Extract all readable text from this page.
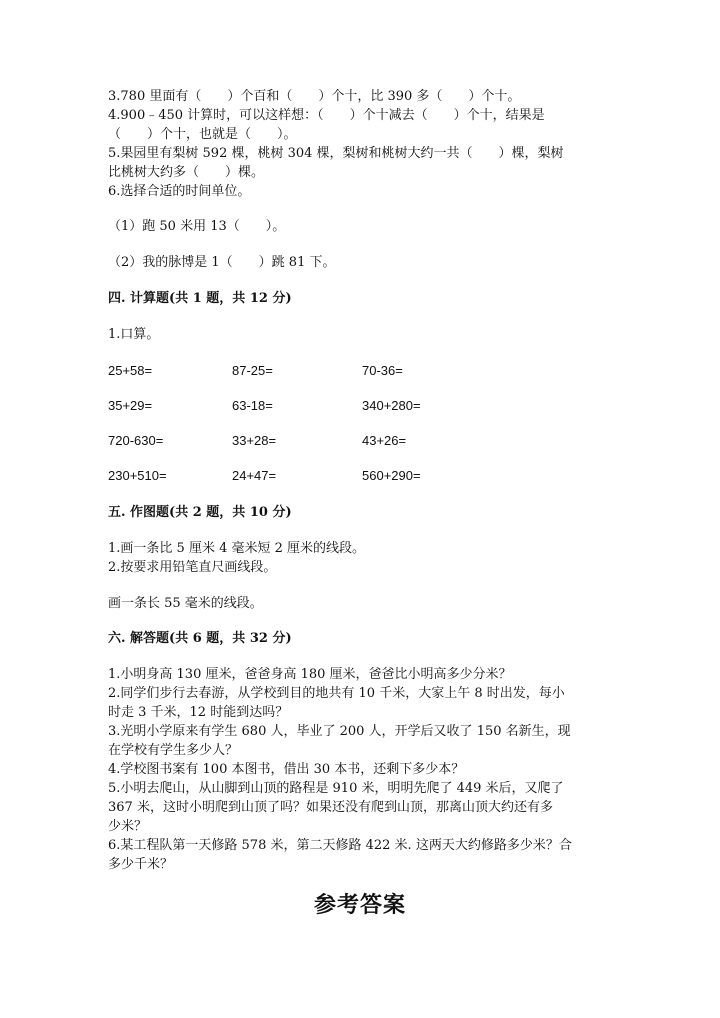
3.780 里面有（　　）个百和（　　）个十，比 390 多（　　）个十。
4.900﹣450 计算时，可以这样想：（　　）个十减去（　　）个十，结果是
（　　）个十，也就是（　　）。
5.果园里有梨树 592 棵，桃树 304 棵，梨树和桃树大约一共（　　）棵，梨树
比桃树大约多（　　）棵。
6.选择合适的时间单位。
（1）跑 50 米用 13（　　）。
（2）我的脉博是 1（　　）跳 81 下。
四. 计算题(共 1 题，共 12 分)
1.口算。
25+58=	87-25=	70-36=
35+29=	63-18=	340+280=
720-630=	33+28=	43+26=
230+510=	24+47=	560+290=
五. 作图题(共 2 题，共 10 分)
1.画一条比 5 厘米 4 毫米短 2 厘米的线段。
2.按要求用铅笔直尺画线段。
画一条长 55 毫米的线段。
六. 解答题(共 6 题，共 32 分)
1.小明身高 130 厘米，爸爸身高 180 厘米，爸爸比小明高多少分米？
2.同学们步行去春游，从学校到目的地共有 10 千米，大家上午 8 时出发，每小
时走 3 千米，12 时能到达吗？
3.光明小学原来有学生 680 人，毕业了 200 人，开学后又收了 150 名新生，现
在学校有学生多少人？
4.学校图书案有 100 本图书，借出 30 本书，还剩下多少本？
5.小明去爬山，从山脚到山顶的路程是 910 米，明明先爬了 449 米后，又爬了
367 米，这时小明爬到山顶了吗？如果还没有爬到山顶，那离山顶大约还有多
少米？
6.某工程队第一天修路 578 米，第二天修路 422 米. 这两天大约修路多少米？合
多少千米？
参考答案
